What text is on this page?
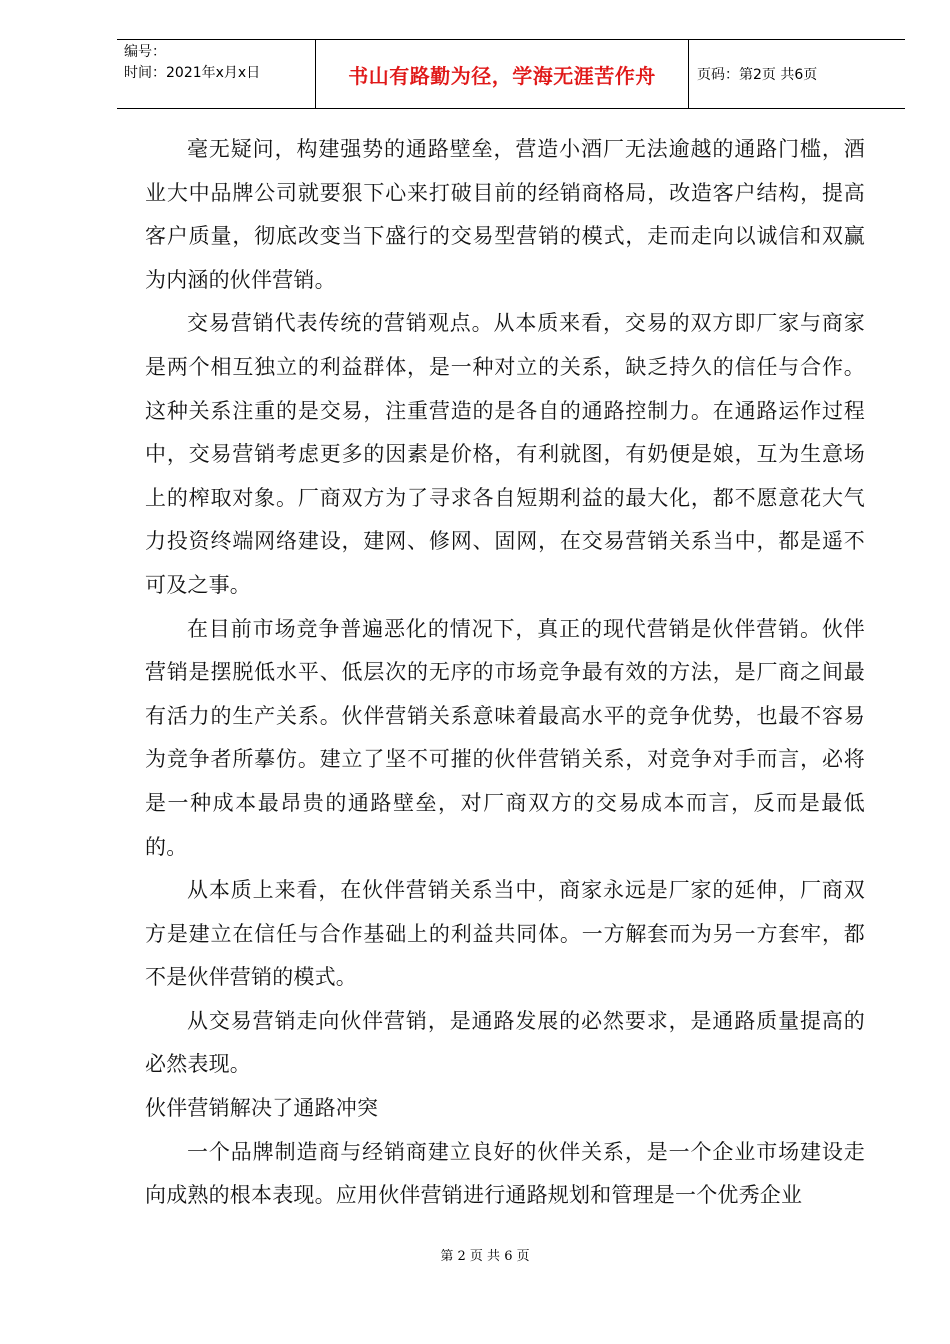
编号：
时间：2021年x月x日	书山有路勤为径，学海无涯苦作舟	页码：第2页 共6页

毫无疑问，构建强势的通路壁垒，营造小酒厂无法逾越的通路门槛，酒业大中品牌公司就要狠下心来打破目前的经销商格局，改造客户结构，提高客户质量，彻底改变当下盛行的交易型营销的模式，走而走向以诚信和双赢为内涵的伙伴营销。

交易营销代表传统的营销观点。从本质来看，交易的双方即厂家与商家是两个相互独立的利益群体，是一种对立的关系，缺乏持久的信任与合作。这种关系注重的是交易，注重营造的是各自的通路控制力。在通路运作过程中，交易营销考虑更多的因素是价格，有利就图，有奶便是娘，互为生意场上的榨取对象。厂商双方为了寻求各自短期利益的最大化，都不愿意花大气力投资终端网络建设，建网、修网、固网，在交易营销关系当中，都是遥不可及之事。

在目前市场竞争普遍恶化的情况下，真正的现代营销是伙伴营销。伙伴营销是摆脱低水平、低层次的无序的市场竞争最有效的方法，是厂商之间最有活力的生产关系。伙伴营销关系意味着最高水平的竞争优势，也最不容易为竞争者所摹仿。建立了坚不可摧的伙伴营销关系，对竞争对手而言，必将是一种成本最昂贵的通路壁垒，对厂商双方的交易成本而言，反而是最低的。

从本质上来看，在伙伴营销关系当中，商家永远是厂家的延伸，厂商双方是建立在信任与合作基础上的利益共同体。一方解套而为另一方套牢，都不是伙伴营销的模式。

从交易营销走向伙伴营销，是通路发展的必然要求，是通路质量提高的必然表现。

伙伴营销解决了通路冲突

一个品牌制造商与经销商建立良好的伙伴关系，是一个企业市场建设走向成熟的根本表现。应用伙伴营销进行通路规划和管理是一个优秀企业

第 2 页 共 6 页
